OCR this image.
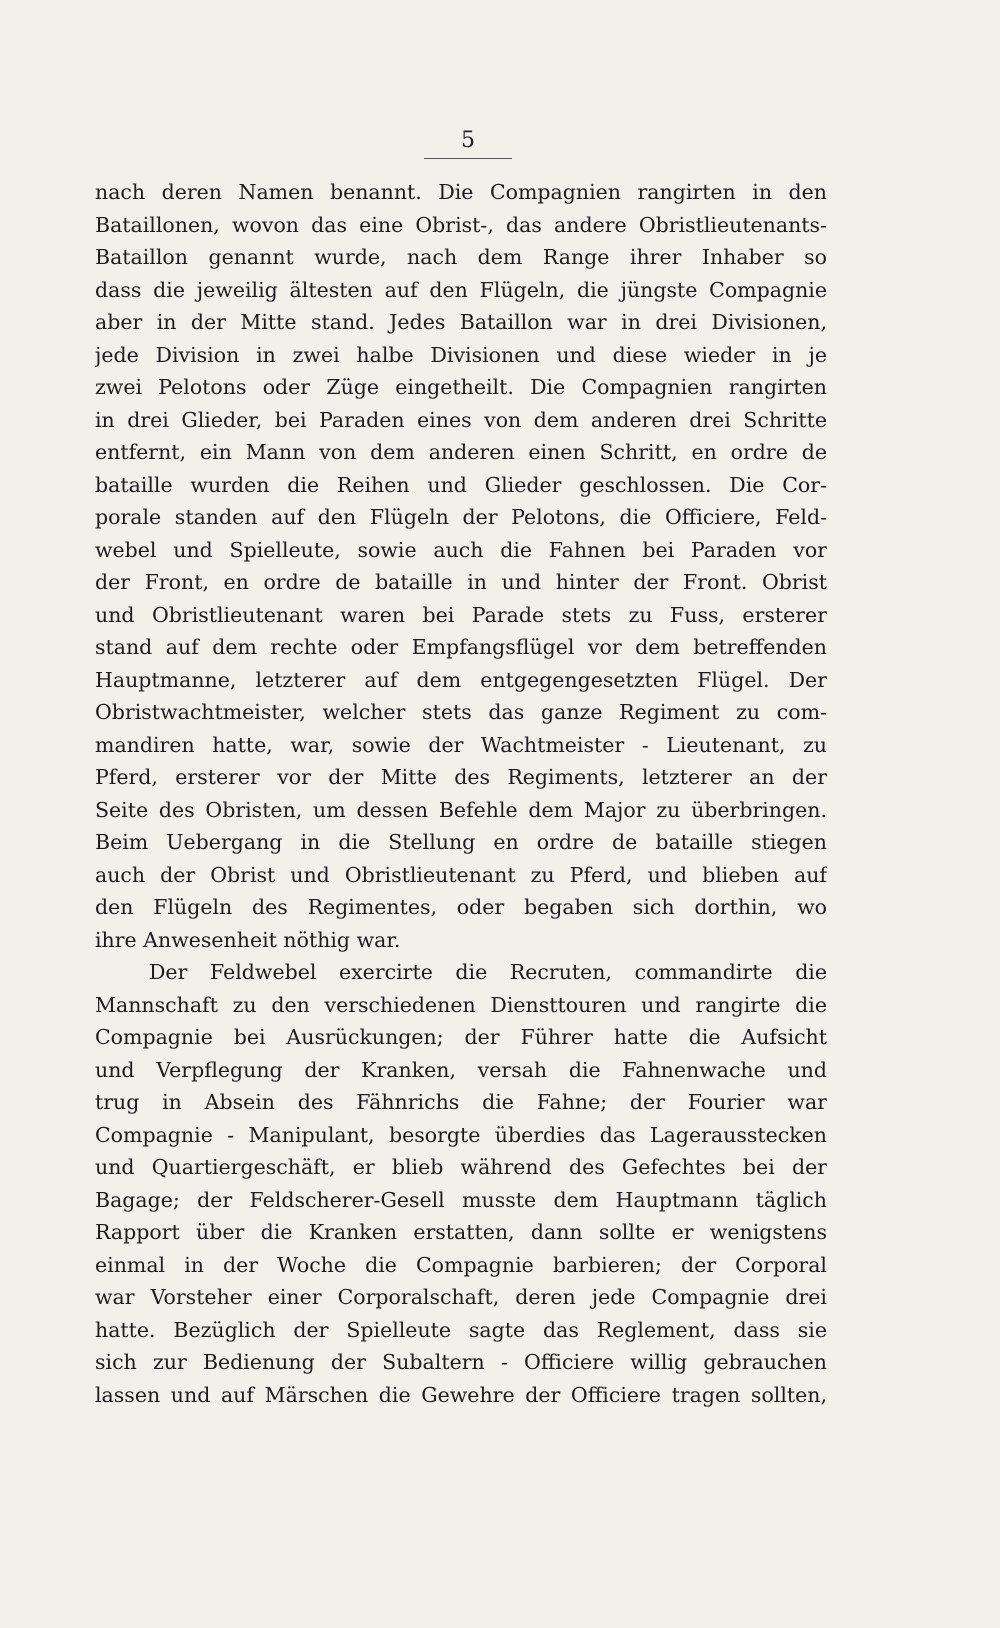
5
nach deren Namen benannt. Die Compagnien rangirten in den
Bataillonen, wovon das eine Obrist-, das andere Obristlieutenants-
Bataillon genannt wurde, nach dem Range ihrer Inhaber so
dass die jeweilig ältesten auf den Flügeln, die jüngste Compagnie
aber in der Mitte stand. Jedes Bataillon war in drei Divisionen,
jede Division in zwei halbe Divisionen und diese wieder in je
zwei Pelotons oder Züge eingetheilt. Die Compagnien rangirten
in drei Glieder, bei Paraden eines von dem anderen drei Schritte
entfernt, ein Mann von dem anderen einen Schritt, en ordre de
bataille wurden die Reihen und Glieder geschlossen. Die Cor-
porale standen auf den Flügeln der Pelotons, die Officiere, Feld-
webel und Spielleute, sowie auch die Fahnen bei Paraden vor
der Front, en ordre de bataille in und hinter der Front. Obrist
und Obristlieutenant waren bei Parade stets zu Fuss, ersterer
stand auf dem rechte oder Empfangsflügel vor dem betreffenden
Hauptmanne, letzterer auf dem entgegengesetzten Flügel. Der
Obristwachtmeister, welcher stets das ganze Regiment zu com-
mandiren hatte, war, sowie der Wachtmeister - Lieutenant, zu
Pferd, ersterer vor der Mitte des Regiments, letzterer an der
Seite des Obristen, um dessen Befehle dem Major zu überbringen.
Beim Uebergang in die Stellung en ordre de bataille stiegen
auch der Obrist und Obristlieutenant zu Pferd, und blieben auf
den Flügeln des Regimentes, oder begaben sich dorthin, wo
ihre Anwesenheit nöthig war.
Der Feldwebel exercirte die Recruten, commandirte die
Mannschaft zu den verschiedenen Diensttouren und rangirte die
Compagnie bei Ausrückungen; der Führer hatte die Aufsicht
und Verpflegung der Kranken, versah die Fahnenwache und
trug in Absein des Fähnrichs die Fahne; der Fourier war
Compagnie - Manipulant, besorgte überdies das Lagerausstecken
und Quartiergeschäft, er blieb während des Gefechtes bei der
Bagage; der Feldscherer-Gesell musste dem Hauptmann täglich
Rapport über die Kranken erstatten, dann sollte er wenigstens
einmal in der Woche die Compagnie barbieren; der Corporal
war Vorsteher einer Corporalschaft, deren jede Compagnie drei
hatte. Bezüglich der Spielleute sagte das Reglement, dass sie
sich zur Bedienung der Subaltern - Officiere willig gebrauchen
lassen und auf Märschen die Gewehre der Officiere tragen sollten,
